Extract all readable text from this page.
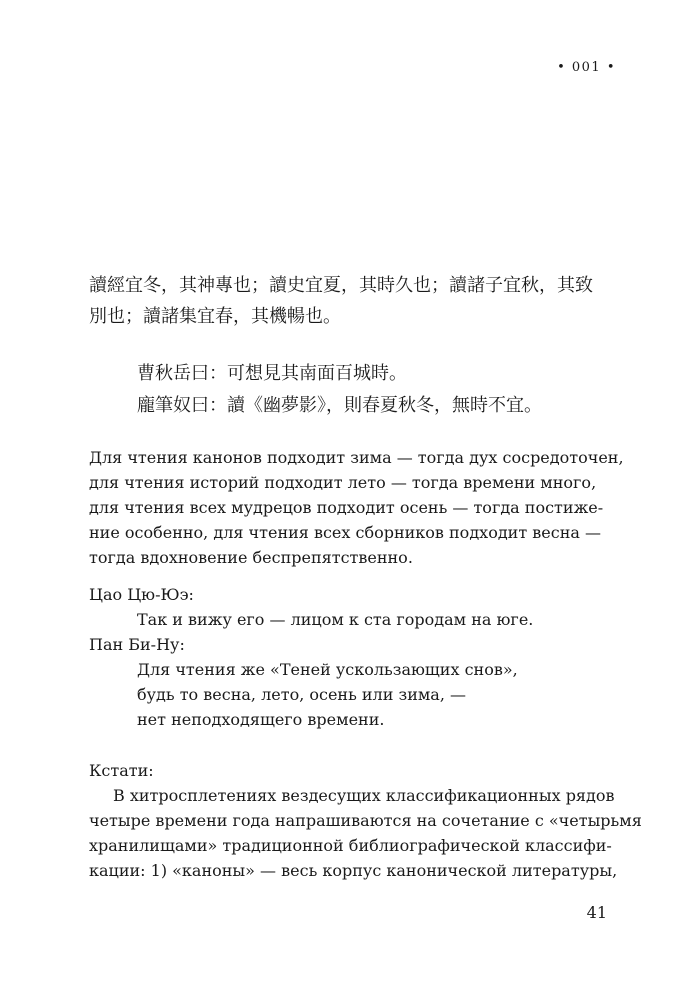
• 001 •
讀經宜冬，其神專也；讀史宜夏，其時久也；讀諸子宜秋，其致
別也；讀諸集宜春，其機暢也。
曹秋岳曰：可想見其南面百城時。
龐筆奴曰：讀《幽夢影》，則春夏秋冬，無時不宜。
Для чтения канонов подходит зима — тогда дух сосредоточен,
для чтения историй подходит лето — тогда времени много,
для чтения всех мудрецов подходит осень — тогда постиже-
ние особенно, для чтения всех сборников подходит весна —
тогда вдохновение беспрепятственно.
Цао Цю-Юэ:
Так и вижу его — лицом к ста городам на юге.
Пан Би-Ну:
Для чтения же «Теней ускользающих снов»,
будь то весна, лето, осень или зима, —
нет неподходящего времени.
Кстати:
В хитросплетениях вездесущих классификационных рядов
четыре времени года напрашиваются на сочетание с «четырьмя
хранилищами» традиционной библиографической классифи-
кации: 1) «каноны» — весь корпус канонической литературы,
41
